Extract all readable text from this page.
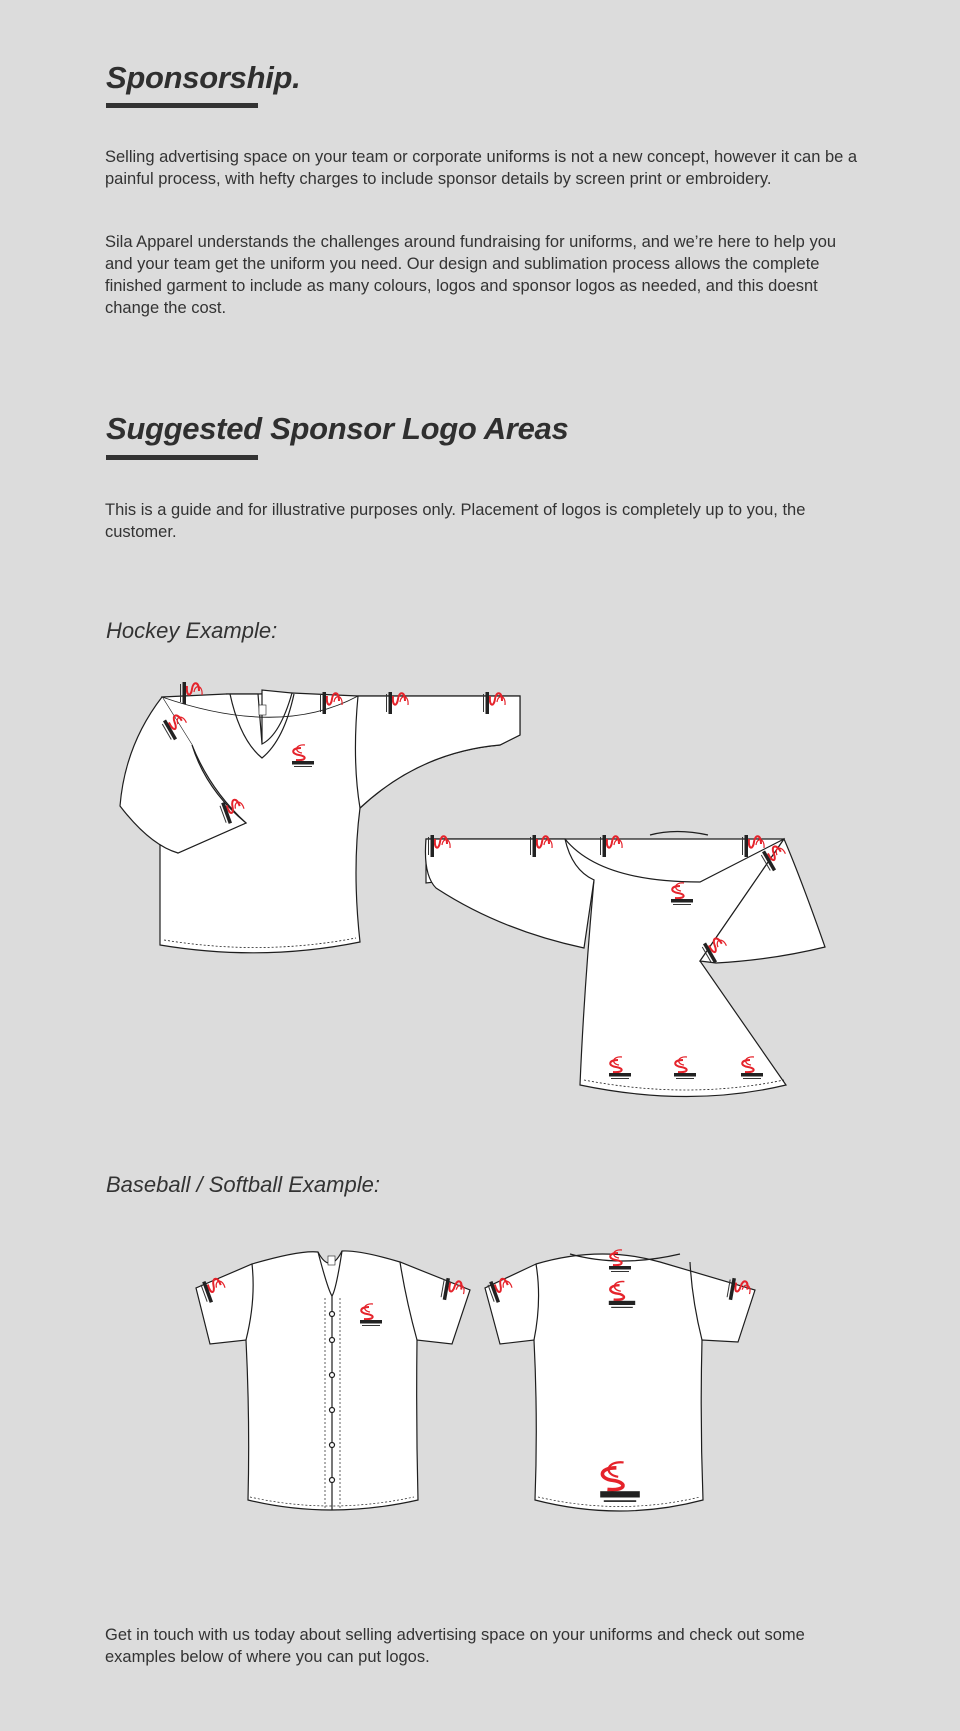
Sponsorship.

Selling advertising space on your team or corporate uniforms is not a new concept, however it can be a painful process, with hefty charges to include sponsor details by screen print or embroidery.

Sila Apparel understands the challenges around fundraising for uniforms, and we’re here to help you and your team get the uniform you need. Our design and sublimation process allows the complete finished garment to include as many colours, logos and sponsor logos as needed, and this doesnt change the cost.

Suggested Sponsor Logo Areas

This is a guide and for illustrative purposes only. Placement of logos is completely up to you, the customer.

Hockey Example:
Baseball / Softball Example:

Get in touch with us today about selling advertising space on your uniforms and check out some examples below of where you can put logos.
